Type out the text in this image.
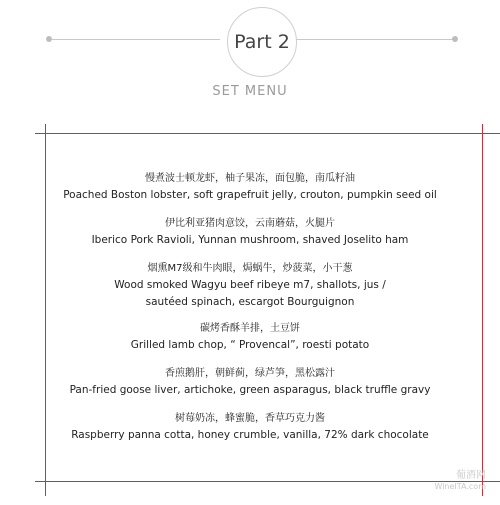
Part 2
SET MENU
慢煮波士顿龙虾，柚子果冻，面包脆，南瓜籽油
Poached Boston lobster, soft grapefruit jelly, crouton, pumpkin seed oil
伊比利亚猪肉意饺，云南蘑菇，火腿片
Iberico Pork Ravioli, Yunnan mushroom, shaved Joselito ham
烟熏M7级和牛肉眼，焗蜗牛，炒菠菜，小干葱
Wood smoked Wagyu beef ribeye m7, shallots, jus /
sautéed spinach, escargot Bourguignon
碳烤香酥羊排，土豆饼
Grilled lamb chop, “ Provencal”, roesti potato
香煎鹅肝，朝鲜蓟，绿芦笋，黑松露汁
Pan-fried goose liver, artichoke, green asparagus, black truffle gravy
树莓奶冻，蜂蜜脆，香草巧克力酱
Raspberry panna cotta, honey crumble, vanilla, 72% dark chocolate
葡酒网
WineITA.com
